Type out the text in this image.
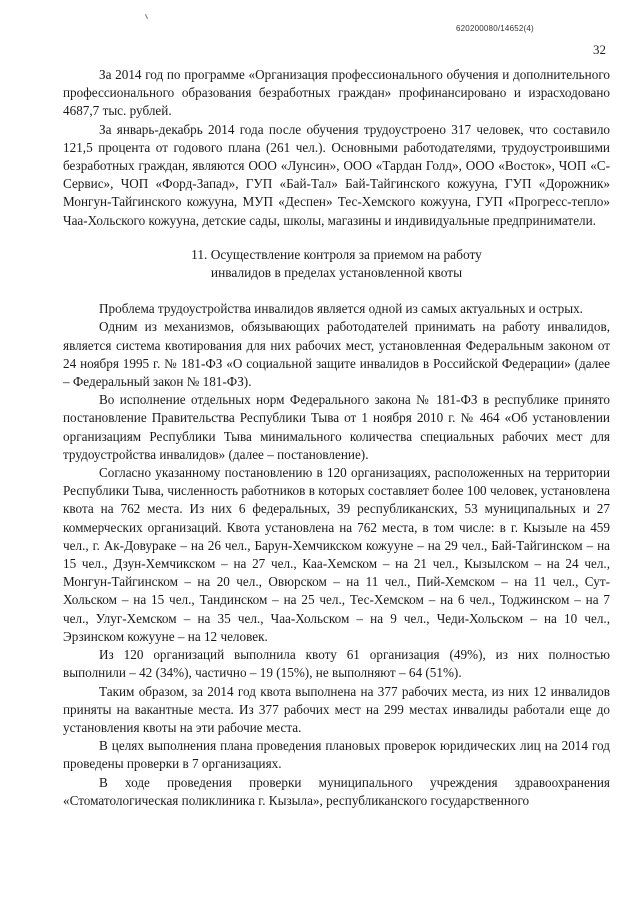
620200080/14652(4)
32

За 2014 год по программе «Организация профессионального обучения и дополнительного профессионального образования безработных граждан» профинансировано и израсходовано 4687,7 тыс. рублей.

За январь-декабрь 2014 года после обучения трудоустроено 317 человек, что составило 121,5 процента от годового плана (261 чел.). Основными работодателями, трудоустроившими безработных граждан, являются ООО «Лунсин», ООО «Тардан Голд», ООО «Восток», ЧОП «С-Сервис», ЧОП «Форд-Запад», ГУП «Бай-Тал» Бай-Тайгинского кожууна, ГУП «Дорожник» Монгун-Тайгинского кожууна, МУП «Деспен» Тес-Хемского кожууна, ГУП «Прогресс-тепло» Чаа-Хольского кожууна, детские сады, школы, магазины и индивидуальные предприниматели.

11. Осуществление контроля за приемом на работу
инвалидов в пределах установленной квоты

Проблема трудоустройства инвалидов является одной из самых актуальных и острых.

Одним из механизмов, обязывающих работодателей принимать на работу инвалидов, является система квотирования для них рабочих мест, установленная Федеральным законом от 24 ноября 1995 г. № 181-ФЗ «О социальной защите инвалидов в Российской Федерации» (далее – Федеральный закон № 181-ФЗ).

Во исполнение отдельных норм Федерального закона № 181-ФЗ в республике принято постановление Правительства Республики Тыва от 1 ноября 2010 г. № 464 «Об установлении организациям Республики Тыва минимального количества специальных рабочих мест для трудоустройства инвалидов» (далее – постановление).

Согласно указанному постановлению в 120 организациях, расположенных на территории Республики Тыва, численность работников в которых составляет более 100 человек, установлена квота на 762 места. Из них 6 федеральных, 39 республиканских, 53 муниципальных и 27 коммерческих организаций. Квота установлена на 762 места, в том числе: в г. Кызыле на 459 чел., г. Ак-Довураке – на 26 чел., Барун-Хемчикском кожууне – на 29 чел., Бай-Тайгинском – на 15 чел., Дзун-Хемчикском – на 27 чел., Каа-Хемском – на 21 чел., Кызылском – на 24 чел., Монгун-Тайгинском – на 20 чел., Овюрском – на 11 чел., Пий-Хемском – на 11 чел., Сут-Хольском – на 15 чел., Тандинском – на 25 чел., Тес-Хемском – на 6 чел., Тоджинском – на 7 чел., Улуг-Хемском – на 35 чел., Чаа-Хольском – на 9 чел., Чеди-Хольском – на 10 чел., Эрзинском кожууне – на 12 человек.

Из 120 организаций выполнила квоту 61 организация (49%), из них полностью выполнили – 42 (34%), частично – 19 (15%), не выполняют – 64 (51%).

Таким образом, за 2014 год квота выполнена на 377 рабочих места, из них 12 инвалидов приняты на вакантные места. Из 377 рабочих мест на 299 местах инвалиды работали еще до установления квоты на эти рабочие места.

В целях выполнения плана проведения плановых проверок юридических лиц на 2014 год проведены проверки в 7 организациях.

В ходе проведения проверки муниципального учреждения здравоохранения «Стоматологическая поликлиника г. Кызыла», республиканского государственного
